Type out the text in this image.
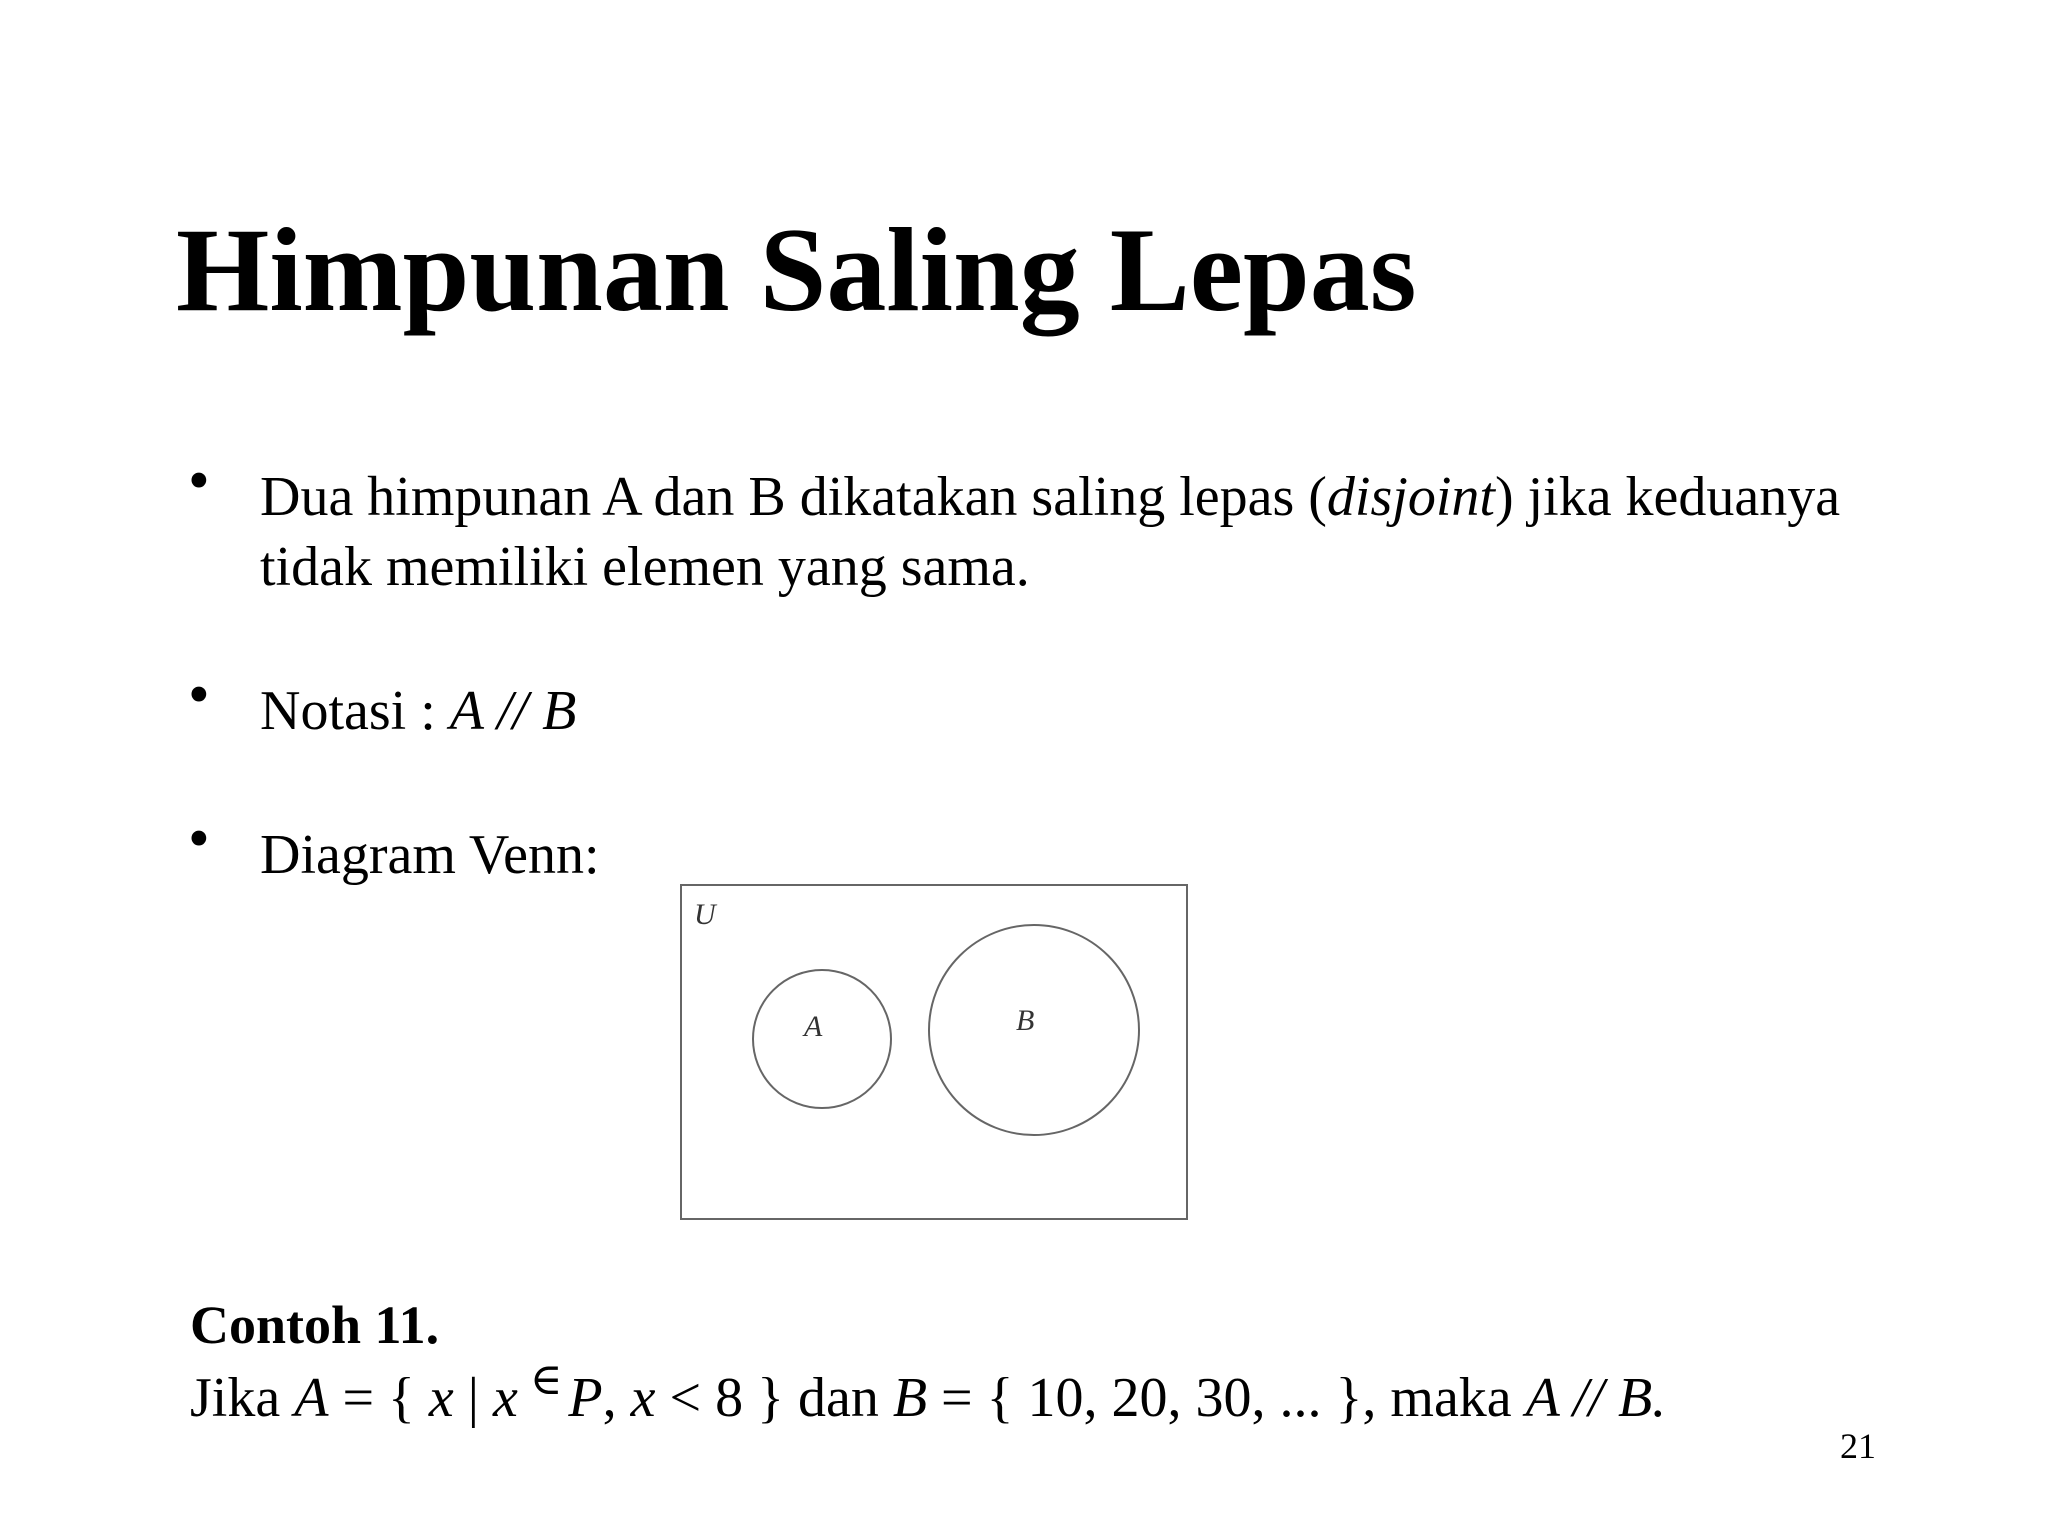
Himpunan Saling Lepas
• Dua himpunan A dan B dikatakan saling lepas (disjoint) jika keduanya
tidak memiliki elemen yang sama.
• Notasi : A // B
• Diagram Venn:
U
A	B
Contoh 11.
Jika A = { x | x ∈ P, x < 8 } dan B = { 10, 20, 30, ... }, maka A // B.
21
